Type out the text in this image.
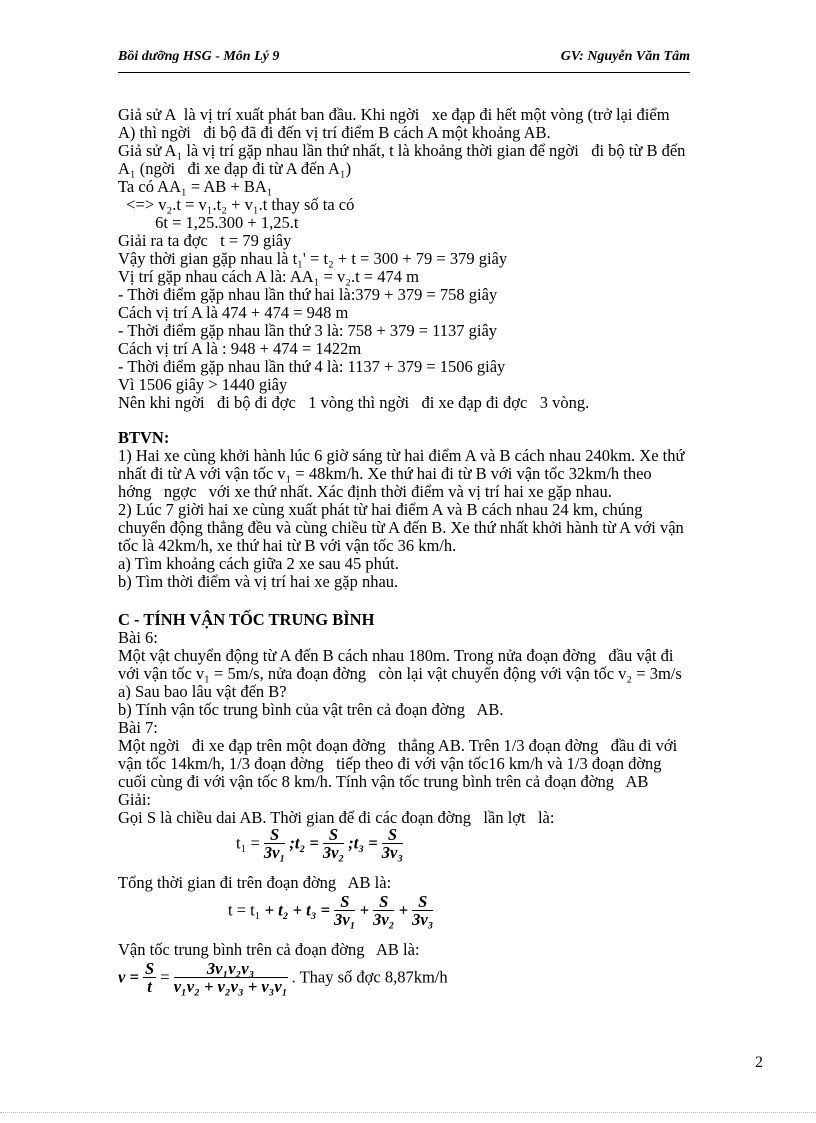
Bồi dưỡng HSG - Môn Lý 9	GV: Nguyễn Văn Tâm
Giả sử A  là vị trí xuất phát ban đầu. Khi ngời   xe đạp đi hết một vòng (trở lại điểm
A) thì ngời   đi bộ đã đi đến vị trí điểm B cách A một khoảng AB.
Giả sử A₁ là vị trí gặp nhau lần thứ nhất, t là khoảng thời gian để ngời   đi bộ từ B đến
A₁ (ngời   đi xe đạp đi từ A đến A₁)
Ta có AA₁ = AB + BA₁
<=> v₂.t = v₁.t₂ + v₁.t thay số ta có
6t = 1,25.300 + 1,25.t
Giải ra ta đợc   t = 79 giây
Vậy thời gian gặp nhau là t₁' = t₂ + t = 300 + 79 = 379 giây
Vị trí gặp nhau cách A là: AA₁ = v₂.t = 474 m
- Thời điểm gặp nhau lần thứ hai là:379 + 379 = 758 giây
Cách vị trí A là 474 + 474 = 948 m
- Thời điểm gặp nhau lần thứ 3 là: 758 + 379 = 1137 giây
Cách vị trí A là : 948 + 474 = 1422m
- Thời điểm gặp nhau lần thứ 4 là: 1137 + 379 = 1506 giây
Vì 1506 giây > 1440 giây
Nên khi ngời   đi bộ đi đợc   1 vòng thì ngời   đi xe đạp đi đợc   3 vòng.
BTVN:
1) Hai xe cùng khởi hành lúc 6 giờ sáng từ hai điểm A và B cách nhau 240km. Xe thứ
nhất đi từ A với vận tốc v₁ = 48km/h. Xe thứ hai đi từ B với vận tốc 32km/h theo
hớng   ngợc   với xe thứ nhất. Xác định thời điểm và vị trí hai xe gặp nhau.
2) Lúc 7 giời hai xe cùng xuất phát từ hai điểm A và B cách nhau 24 km, chúng
chuyển động thẳng đều và cùng chiều từ A đến B. Xe thứ nhất khởi hành từ A với vận
tốc là 42km/h, xe thứ hai từ B với vận tốc 36 km/h.
a) Tìm khoảng cách giữa 2 xe sau 45 phút.
b) Tìm thời điểm và vị trí hai xe gặp nhau.
C - TÍNH VẬN TỐC TRUNG BÌNH
Bài 6:
Một vật chuyển động từ A đến B cách nhau 180m. Trong nửa đoạn đờng   đầu vật đi
với vận tốc v₁ = 5m/s, nửa đoạn đờng   còn lại vật chuyển động với vận tốc v₂ = 3m/s
a) Sau bao lâu vật đến B?
b) Tính vận tốc trung bình của vật trên cả đoạn đờng   AB.
Bài 7:
Một ngời   đi xe đạp trên một đoạn đờng   thẳng AB. Trên 1/3 đoạn đờng   đầu đi với
vận tốc 14km/h, 1/3 đoạn đờng   tiếp theo đi với vận tốc16 km/h và 1/3 đoạn đờng
cuối cùng đi với vận tốc 8 km/h. Tính vận tốc trung bình trên cả đoạn đờng   AB
Giải:
Gọi S là chiều dai AB. Thời gian để đi các đoạn đờng   lần lợt   là:
$t_1 = \frac{S}{\text{3v₁}}$ ;t₂ = $\frac{S}{\text{3v₂}}$ ;t₃ = $\frac{S}{\text{3v₃}}$
Tổng thời gian đi trên đoạn đờng   AB là:
$t = t_1 + t_2 + t_3 = \frac{S}{\text{3v₁}} + \frac{S}{\text{3v₂}} + \frac{S}{\text{3v₃}}$
Vận tốc trung bình trên cả đoạn đờng   AB là:
$v = \frac{S}{t} = \frac{\text{3v₁v₂v₃}}{\text{v₁v₂ + v₂v₃ + v₃v₁}}$ . Thay số đợc 8,87km/h
2
